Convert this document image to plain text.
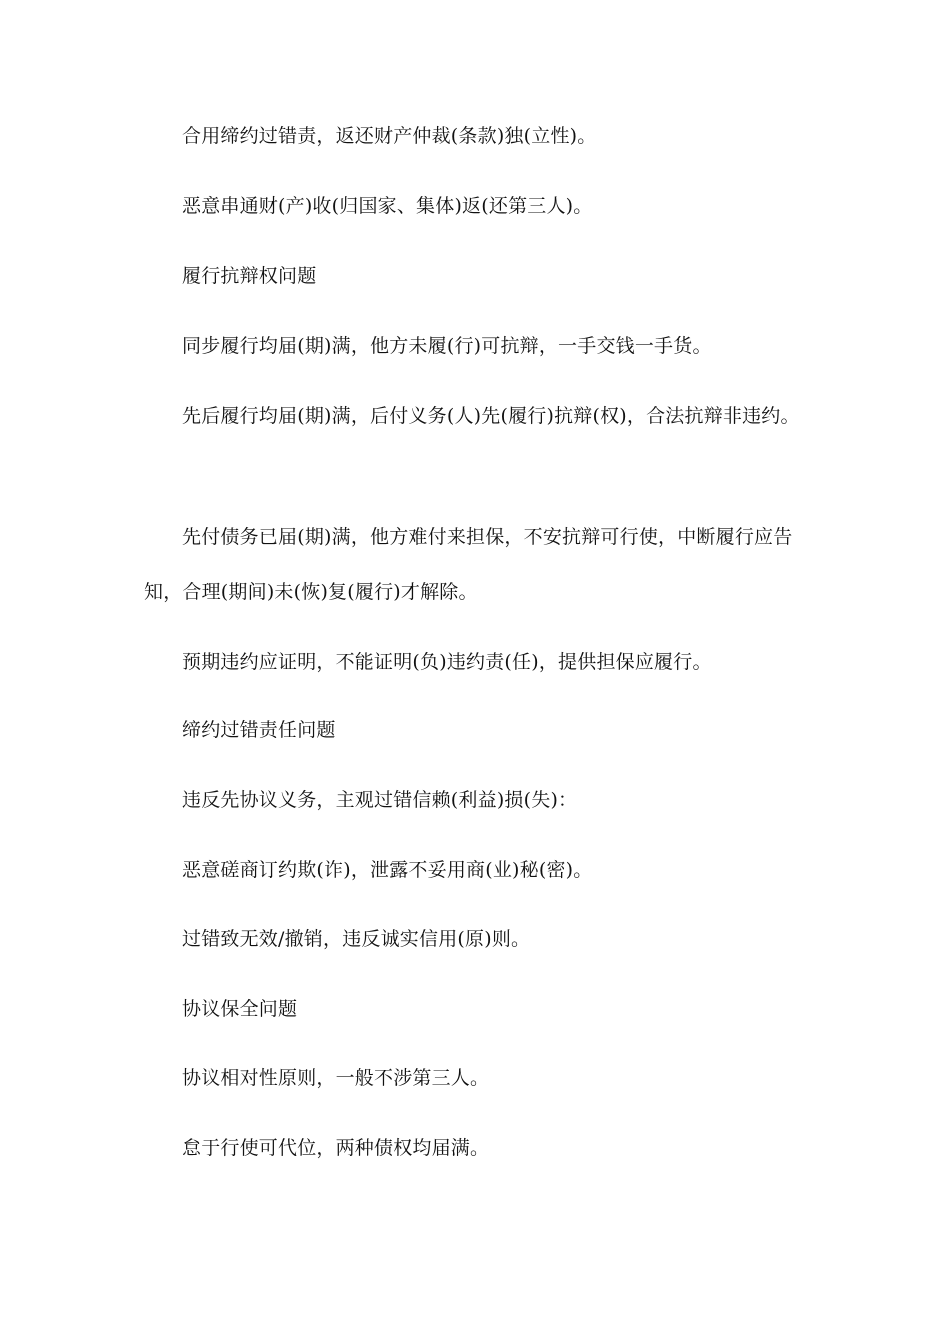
合用缔约过错责，返还财产仲裁(条款)独(立性)。
恶意串通财(产)收(归国家、集体)返(还第三人)。
履行抗辩权问题
同步履行均届(期)满，他方未履(行)可抗辩，一手交钱一手货。
先后履行均届(期)满，后付义务(人)先(履行)抗辩(权)，合法抗辩非违约。
先付债务已届(期)满，他方难付来担保，不安抗辩可行使，中断履行应告
知，合理(期间)未(恢)复(履行)才解除。
预期违约应证明，不能证明(负)违约责(任)，提供担保应履行。
缔约过错责任问题
违反先协议义务，主观过错信赖(利益)损(失)：
恶意磋商订约欺(诈)，泄露不妥用商(业)秘(密)。
过错致无效/撤销，违反诚实信用(原)则。
协议保全问题
协议相对性原则，一般不涉第三人。
怠于行使可代位，两种债权均届满。
